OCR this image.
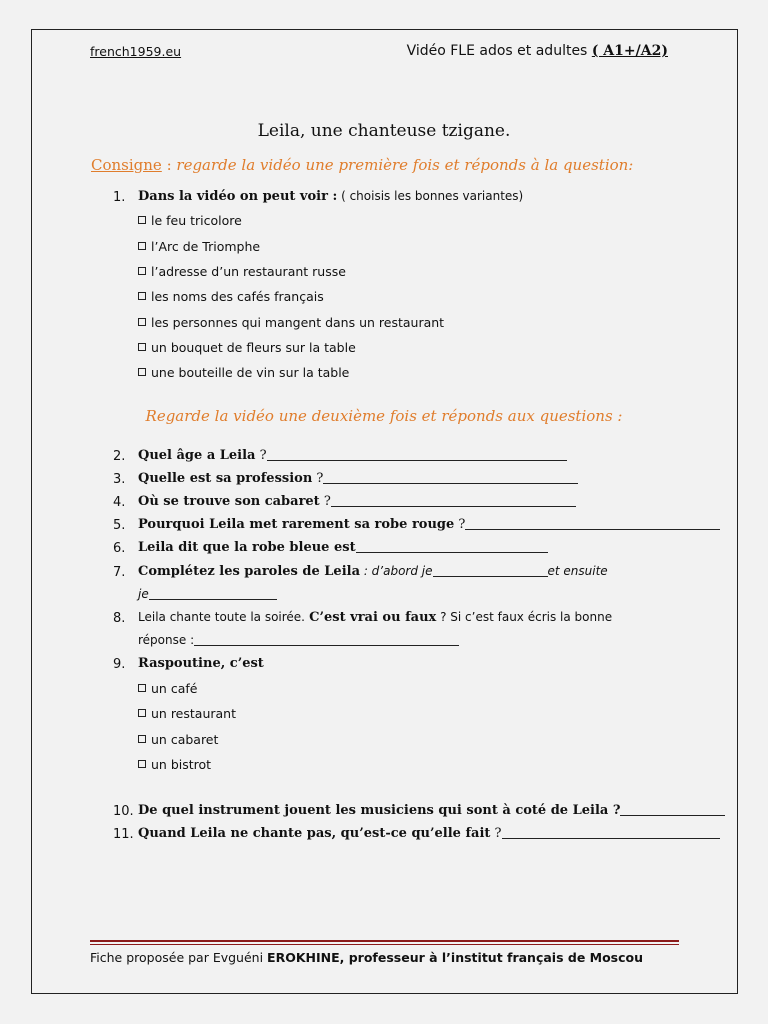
french1959.eu	Vidéo FLE ados et adultes ( A1+/A2)
Leila, une chanteuse tzigane.
Consigne : regarde la vidéo une première fois et réponds à la question:
1. Dans la vidéo on peut voir : ( choisis les bonnes variantes)
le feu tricolore
l’Arc de Triomphe
l’adresse d’un restaurant russe
les noms des cafés français
les personnes qui mangent dans un restaurant
un bouquet de fleurs sur la table
une bouteille de vin sur la table
Regarde la vidéo une deuxième fois et réponds aux questions :
2. Quel âge a Leila ?
3. Quelle est sa profession ?
4. Où se trouve son cabaret ?
5. Pourquoi Leila met rarement sa robe rouge ?
6. Leila dit que la robe bleue est
7. Complétez les paroles de Leila : d’abord je	et ensuite
je
8. Leila chante toute la soirée. C’est vrai ou faux ? Si c’est faux écris la bonne
réponse :
9. Raspoutine, c’est
un café
un restaurant
un cabaret
un bistrot
10. De quel instrument jouent les musiciens qui sont à coté de Leila ?
11. Quand Leila ne chante pas, qu’est-ce qu’elle fait ?
Fiche proposée par Evguéni EROKHINE, professeur à l’institut français de Moscou
